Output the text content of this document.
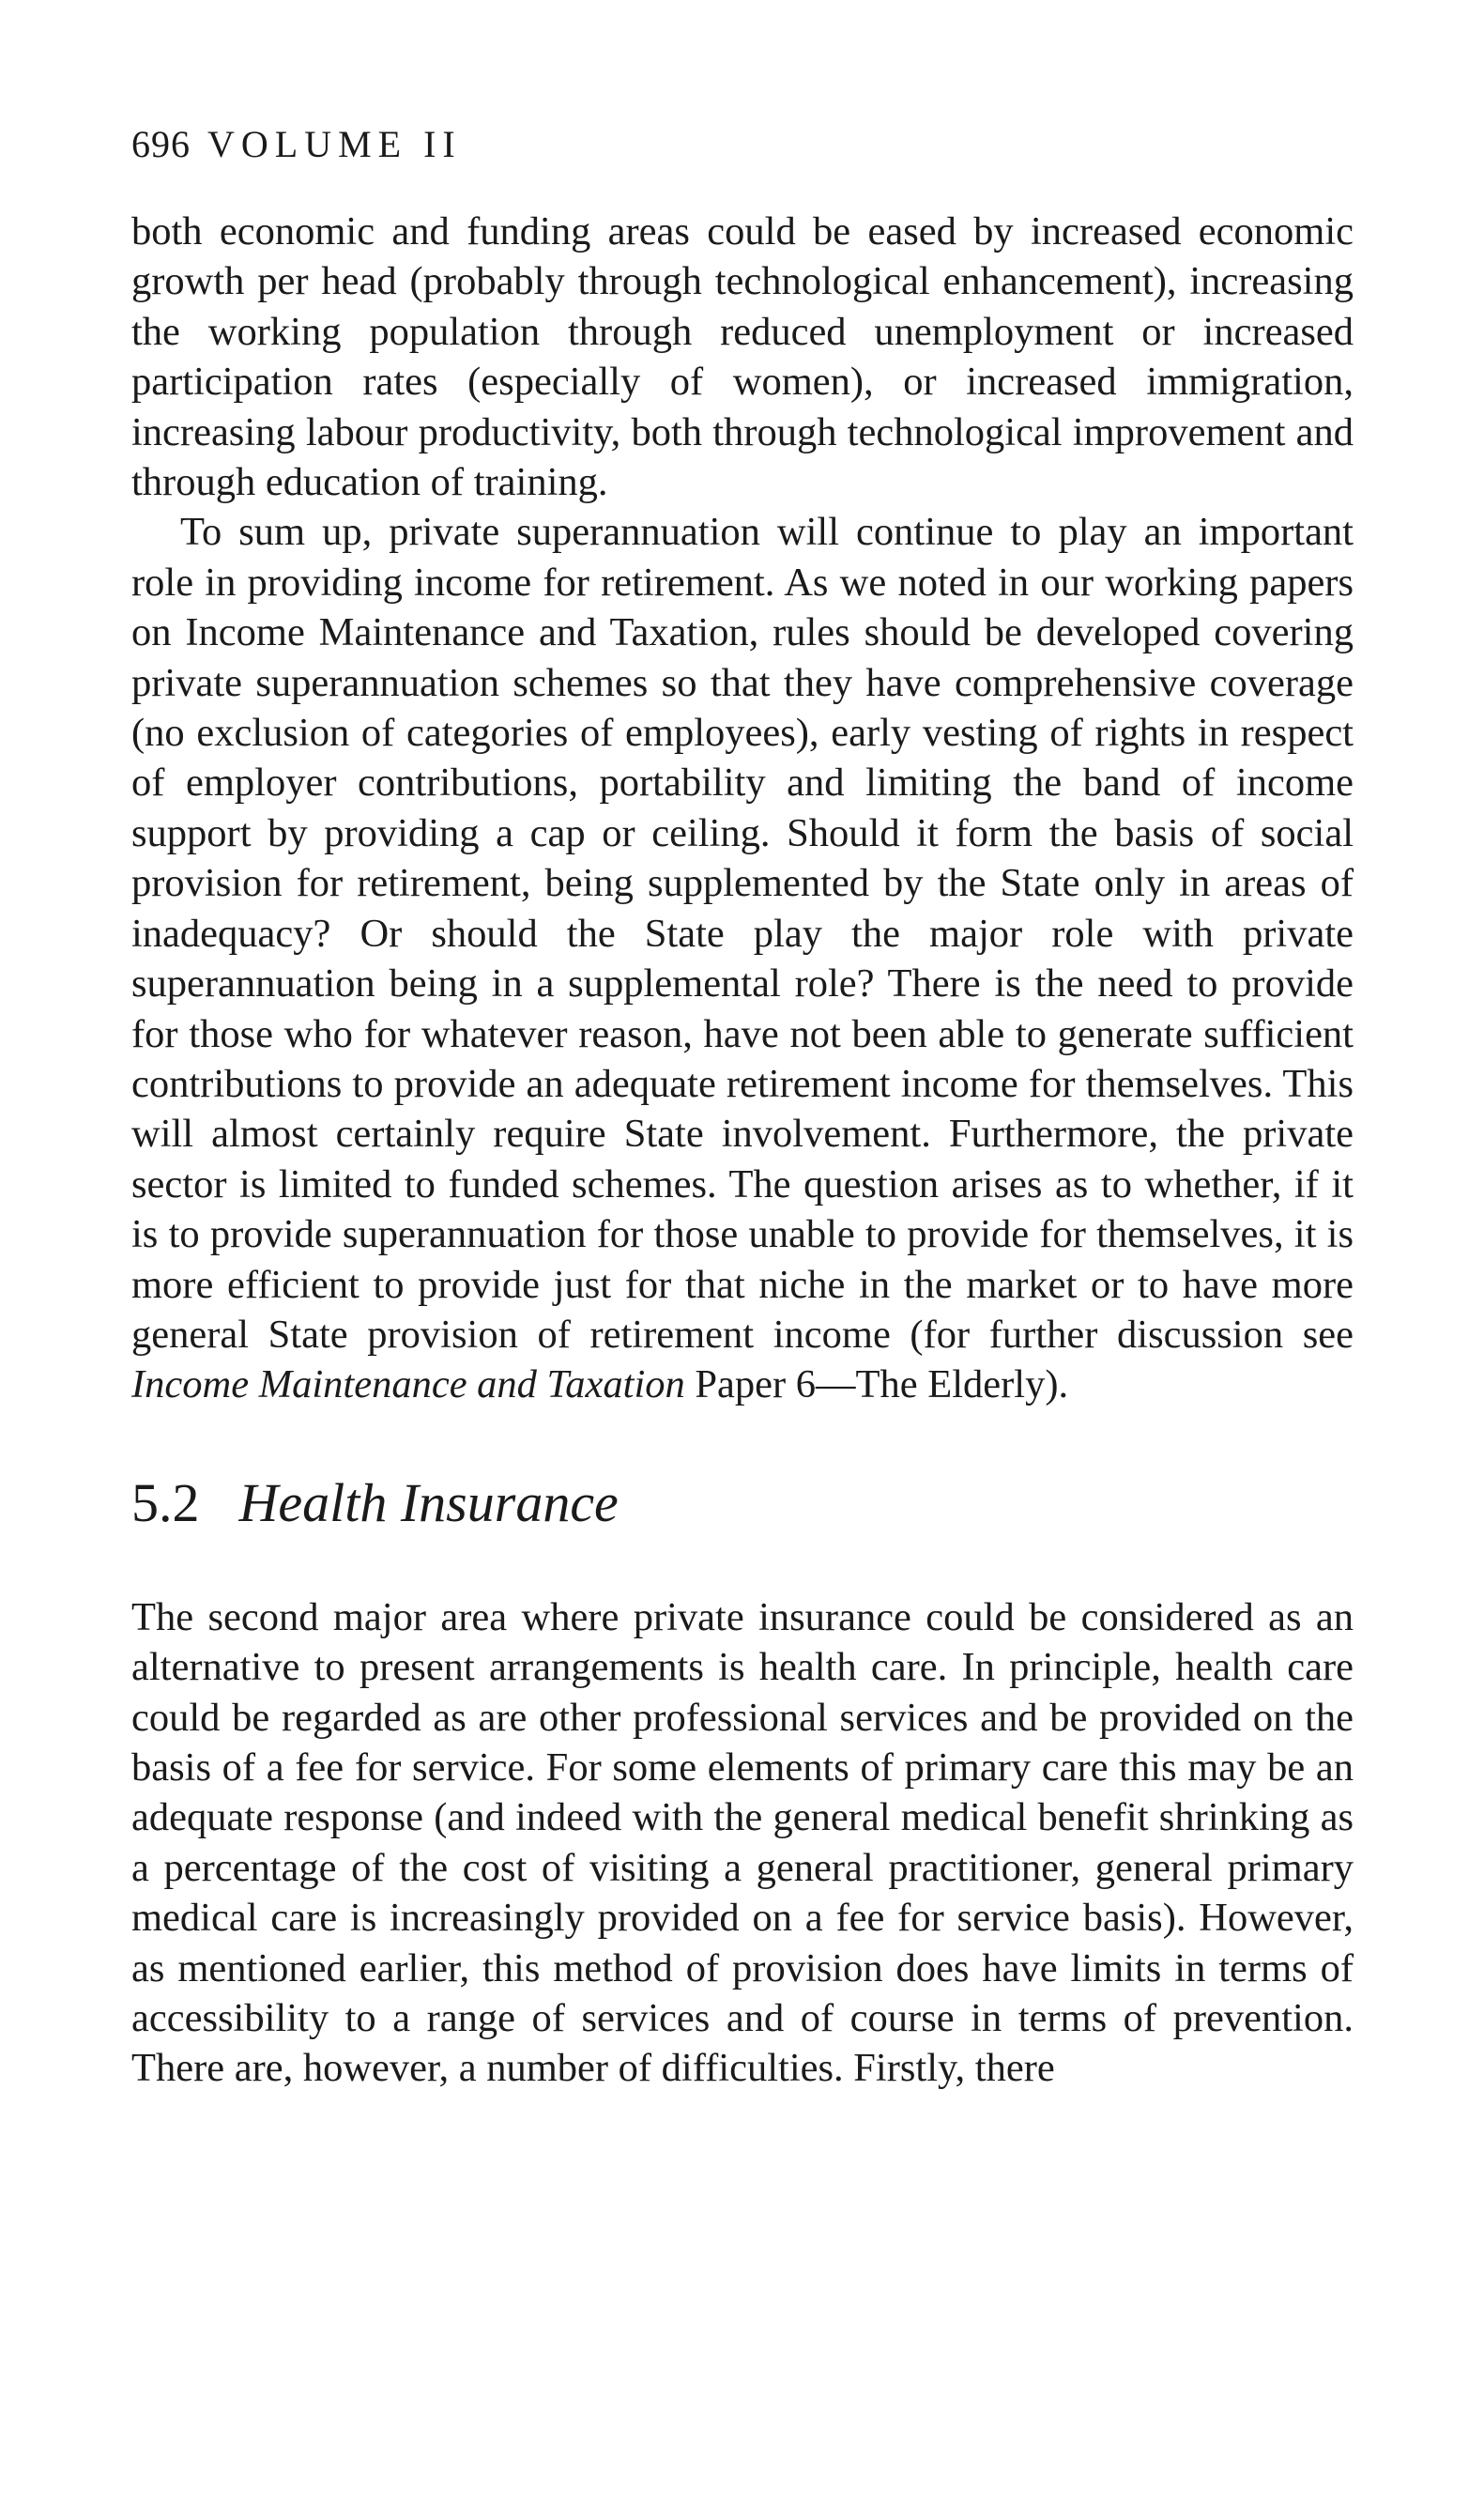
696 VOLUME II

both economic and funding areas could be eased by increased economic growth per head (probably through technological enhancement), increasing the working population through reduced unemployment or increased participation rates (especially of women), or increased immigration, increasing labour productivity, both through technological improvement and through education of training.

To sum up, private superannuation will continue to play an important role in providing income for retirement. As we noted in our working papers on Income Maintenance and Taxation, rules should be developed covering private superannuation schemes so that they have comprehensive coverage (no exclusion of categories of employees), early vesting of rights in respect of employer contributions, portability and limiting the band of income support by providing a cap or ceiling. Should it form the basis of social provision for retirement, being supplemented by the State only in areas of inadequacy? Or should the State play the major role with private superannuation being in a supplemental role? There is the need to provide for those who for whatever reason, have not been able to generate sufficient contributions to provide an adequate retirement income for themselves. This will almost certainly require State involvement. Furthermore, the private sector is limited to funded schemes. The question arises as to whether, if it is to provide superannuation for those unable to provide for themselves, it is more efficient to provide just for that niche in the market or to have more general State provision of retirement income (for further discussion see Income Maintenance and Taxation Paper 6—The Elderly).

5.2 Health Insurance

The second major area where private insurance could be considered as an alternative to present arrangements is health care. In principle, health care could be regarded as are other professional services and be provided on the basis of a fee for service. For some elements of primary care this may be an adequate response (and indeed with the general medical benefit shrinking as a percentage of the cost of visiting a general practitioner, general primary medical care is increasingly provided on a fee for service basis). However, as mentioned earlier, this method of provision does have limits in terms of accessibility to a range of services and of course in terms of prevention. There are, however, a number of difficulties. Firstly, there
